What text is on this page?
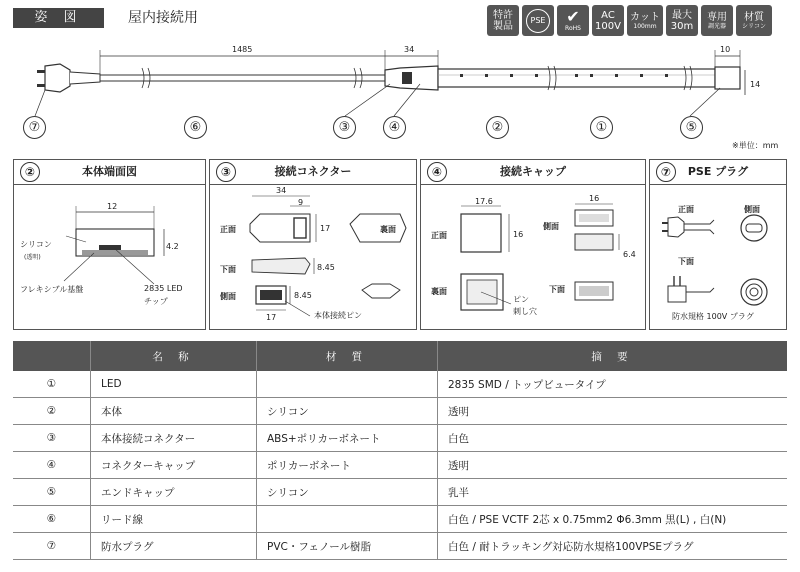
姿 図	屋内接続用	特許
製品
PSE ✔
RoHS
AC
100V
カット
100mm
最大
30m
専用
調光器
材質
シリコン
1485	34	10
14
※単位：mm
⑦	⑥	③	④	②	①	⑤
本体端面図
②
12
4.2
シリコン
(透明)
フレキシブル基盤	2835 LED
チップ
接続コネクター
③
34
9
17
正面	裏面
下面	8.45
側面	8.45
17	本体接続ピン
接続キャップ
④
17.6
16
正面
側面
16
6.4
裏面	下面
ピン
刺し穴
PSE プラグ
⑦
正面	側面
下面
防水規格 100V プラグ
	名 称	材 質	摘 要
①	LED		2835 SMD / トップビュータイプ
②	本体	シリコン	透明
③	本体接続コネクター	ABS+ポリカーボネート	白色
④	コネクターキャップ	ポリカーボネート	透明
⑤	エンドキャップ	シリコン	乳半
⑥	リード線		白色 / PSE VCTF 2芯 x 0.75mm2 Φ6.3mm 黒(L) , 白(N)
⑦	防水プラグ	PVC・フェノール樹脂	白色 / 耐トラッキング対応防水規格100VPSEプラグ
